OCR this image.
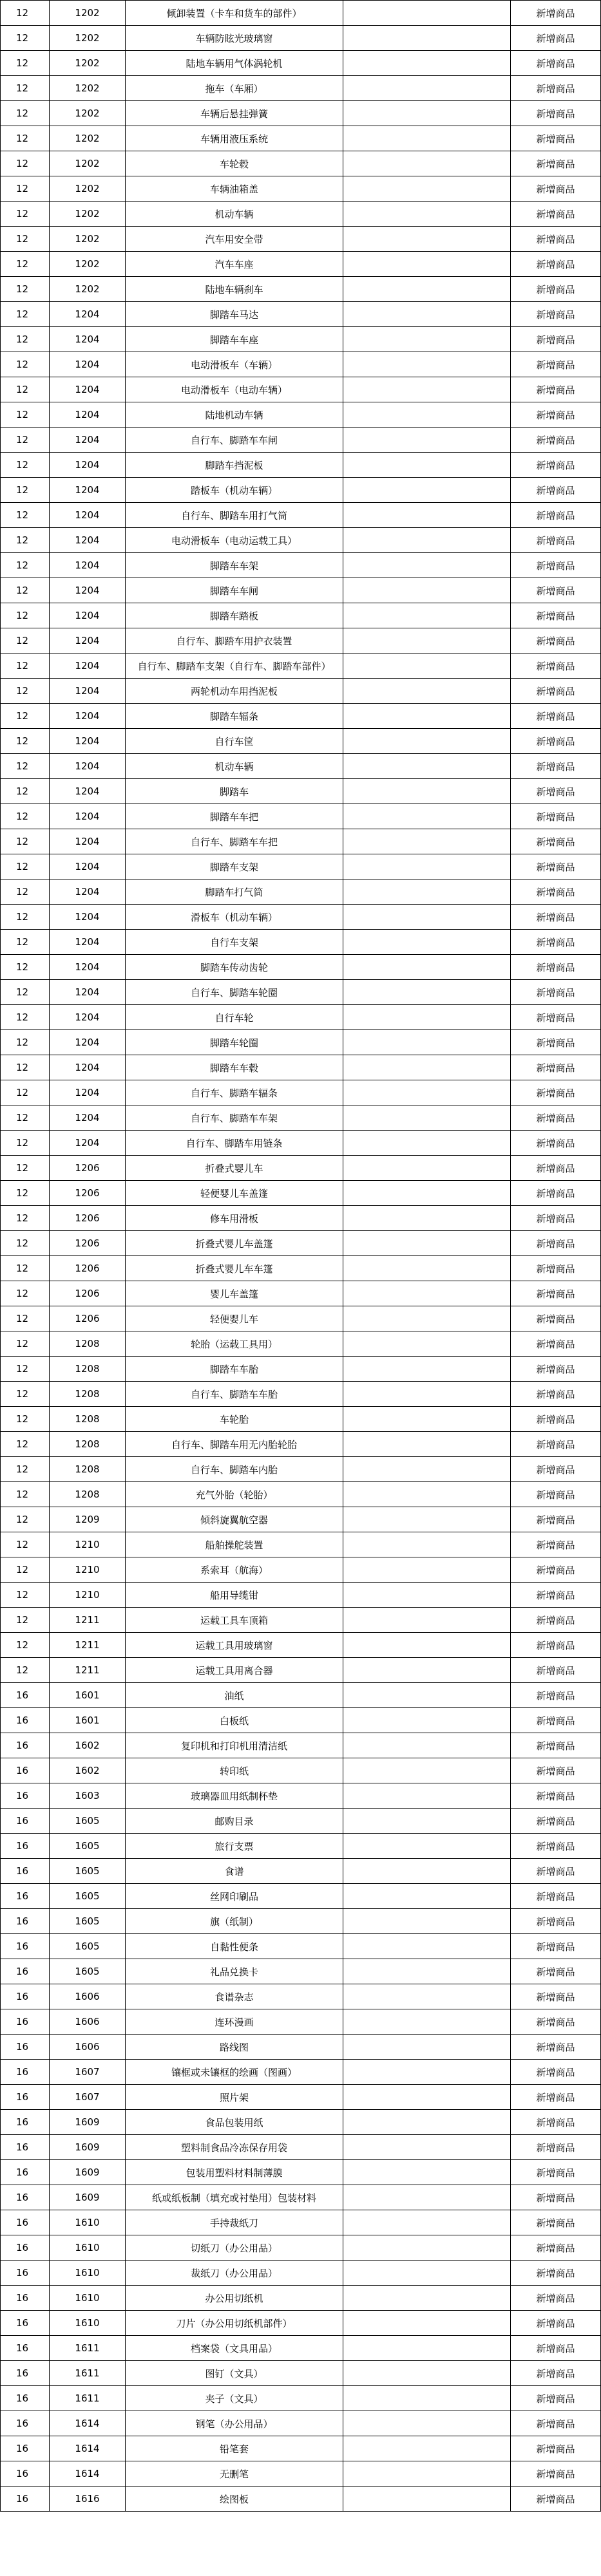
12	1202	倾卸装置（卡车和货车的部件）		新增商品
12	1202	车辆防眩光玻璃窗		新增商品
12	1202	陆地车辆用气体涡轮机		新增商品
12	1202	拖车（车厢）		新增商品
12	1202	车辆后悬挂弹簧		新增商品
12	1202	车辆用液压系统		新增商品
12	1202	车轮毂		新增商品
12	1202	车辆油箱盖		新增商品
12	1202	机动车辆		新增商品
12	1202	汽车用安全带		新增商品
12	1202	汽车车座		新增商品
12	1202	陆地车辆刹车		新增商品
12	1204	脚踏车马达		新增商品
12	1204	脚踏车车座		新增商品
12	1204	电动滑板车（车辆）		新增商品
12	1204	电动滑板车（电动车辆）		新增商品
12	1204	陆地机动车辆		新增商品
12	1204	自行车、脚踏车车闸		新增商品
12	1204	脚踏车挡泥板		新增商品
12	1204	踏板车（机动车辆）		新增商品
12	1204	自行车、脚踏车用打气筒		新增商品
12	1204	电动滑板车（电动运载工具）		新增商品
12	1204	脚踏车车架		新增商品
12	1204	脚踏车车闸		新增商品
12	1204	脚踏车踏板		新增商品
12	1204	自行车、脚踏车用护衣装置		新增商品
12	1204	自行车、脚踏车支架（自行车、脚踏车部件）		新增商品
12	1204	两轮机动车用挡泥板		新增商品
12	1204	脚踏车辐条		新增商品
12	1204	自行车筐		新增商品
12	1204	机动车辆		新增商品
12	1204	脚踏车		新增商品
12	1204	脚踏车车把		新增商品
12	1204	自行车、脚踏车车把		新增商品
12	1204	脚踏车支架		新增商品
12	1204	脚踏车打气筒		新增商品
12	1204	滑板车（机动车辆）		新增商品
12	1204	自行车支架		新增商品
12	1204	脚踏车传动齿轮		新增商品
12	1204	自行车、脚踏车轮圈		新增商品
12	1204	自行车轮		新增商品
12	1204	脚踏车轮圈		新增商品
12	1204	脚踏车车毂		新增商品
12	1204	自行车、脚踏车辐条		新增商品
12	1204	自行车、脚踏车车架		新增商品
12	1204	自行车、脚踏车用链条		新增商品
12	1206	折叠式婴儿车		新增商品
12	1206	轻便婴儿车盖篷		新增商品
12	1206	修车用滑板		新增商品
12	1206	折叠式婴儿车盖篷		新增商品
12	1206	折叠式婴儿车车篷		新增商品
12	1206	婴儿车盖篷		新增商品
12	1206	轻便婴儿车		新增商品
12	1208	轮胎（运载工具用）		新增商品
12	1208	脚踏车车胎		新增商品
12	1208	自行车、脚踏车车胎		新增商品
12	1208	车轮胎		新增商品
12	1208	自行车、脚踏车用无内胎轮胎		新增商品
12	1208	自行车、脚踏车内胎		新增商品
12	1208	充气外胎（轮胎）		新增商品
12	1209	倾斜旋翼航空器		新增商品
12	1210	船舶操舵装置		新增商品
12	1210	系索耳（航海）		新增商品
12	1210	船用导缆钳		新增商品
12	1211	运载工具车顶箱		新增商品
12	1211	运载工具用玻璃窗		新增商品
12	1211	运载工具用离合器		新增商品
16	1601	油纸		新增商品
16	1601	白板纸		新增商品
16	1602	复印机和打印机用清洁纸		新增商品
16	1602	转印纸		新增商品
16	1603	玻璃器皿用纸制杯垫		新增商品
16	1605	邮购目录		新增商品
16	1605	旅行支票		新增商品
16	1605	食谱		新增商品
16	1605	丝网印刷品		新增商品
16	1605	旗（纸制）		新增商品
16	1605	自黏性便条		新增商品
16	1605	礼品兑换卡		新增商品
16	1606	食谱杂志		新增商品
16	1606	连环漫画		新增商品
16	1606	路线图		新增商品
16	1607	镶框或未镶框的绘画（图画）		新增商品
16	1607	照片架		新增商品
16	1609	食品包装用纸		新增商品
16	1609	塑料制食品冷冻保存用袋		新增商品
16	1609	包装用塑料材料制薄膜		新增商品
16	1609	纸或纸板制（填充或衬垫用）包装材料		新增商品
16	1610	手持裁纸刀		新增商品
16	1610	切纸刀（办公用品）		新增商品
16	1610	裁纸刀（办公用品）		新增商品
16	1610	办公用切纸机		新增商品
16	1610	刀片（办公用切纸机部件）		新增商品
16	1611	档案袋（文具用品）		新增商品
16	1611	图钉（文具）		新增商品
16	1611	夹子（文具）		新增商品
16	1614	钢笔（办公用品）		新增商品
16	1614	铅笔套		新增商品
16	1614	无删笔		新增商品
16	1616	绘图板		新增商品
